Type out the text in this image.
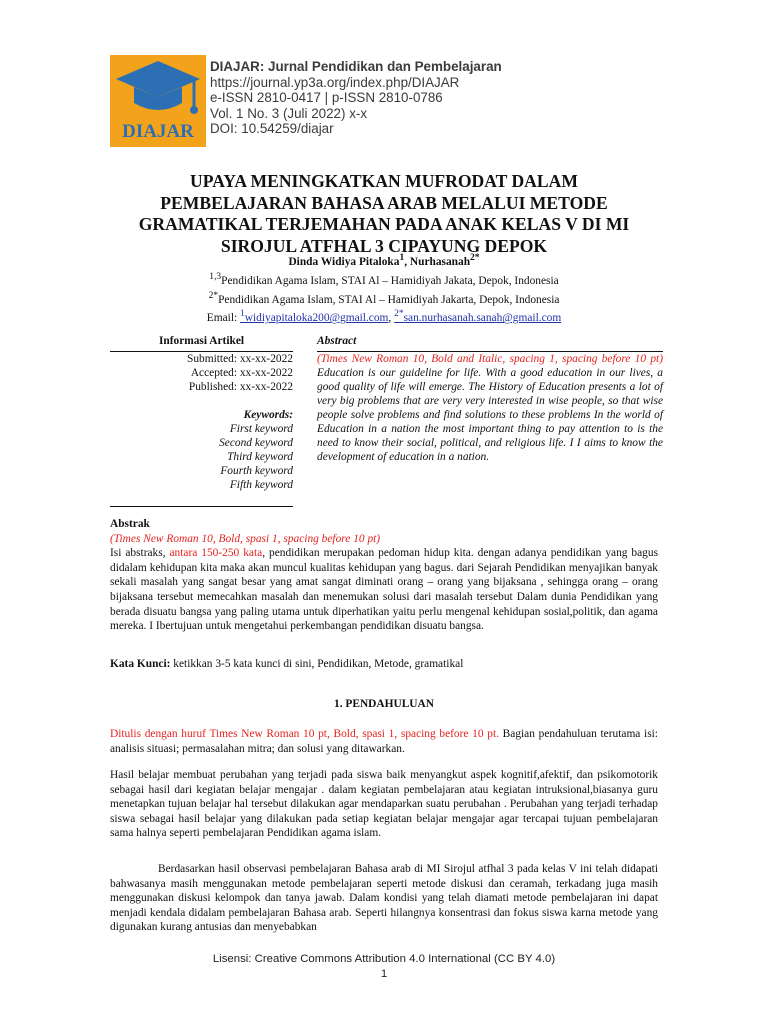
DIAJAR
DIAJAR: Jurnal Pendidikan dan Pembelajaran
https://journal.yp3a.org/index.php/DIAJAR
e-ISSN 2810-0417 | p-ISSN 2810-0786
Vol. 1 No. 3 (Juli 2022) x-x
DOI: 10.54259/diajar
UPAYA MENINGKATKAN MUFRODAT DALAM
PEMBELAJARAN BAHASA ARAB MELALUI METODE
GRAMATIKAL TERJEMAHAN PADA ANAK KELAS V DI MI
SIROJUL ATFHAL 3 CIPAYUNG DEPOK
Dinda Widiya Pitaloka$^1$, Nurhasanah$^{2*}$
$^{1,3}$Pendidikan Agama Islam, STAI Al – Hamidiyah Jakata, Depok, Indonesia
$^{2*}$Pendidikan Agama Islam, STAI Al – Hamidiyah Jakarta, Depok, Indonesia
Email: $^1$widiyapitaloka200@gmail.com, $^{2*}$san.nurhasanah.sanah@gmail.com
Informasi Artikel
Submitted: xx-xx-2022
Accepted: xx-xx-2022
Published: xx-xx-2022
Keywords:
First keyword
Second keyword
Third keyword
Fourth keyword
Fifth keyword
Abstract
(Times New Roman 10, Bold and Italic, spacing 1, spacing before 10 pt) Education is our guideline for life. With a good education in our lives, a good quality of life will emerge. The History of Education presents a lot of very big problems that are very very interested in wise people, so that wise people solve problems and find solutions to these problems In the world of Education in a nation the most important thing to pay attention to is the need to know their social, political, and religious life. I I aims to know the development of education in a nation.
Abstrak
(Times New Roman 10, Bold, spasi 1, spacing before 10 pt)
Isi abstraks, antara 150-250 kata, pendidikan merupakan pedoman hidup kita. dengan adanya pendidikan yang bagus didalam kehidupan kita maka akan muncul kualitas kehidupan yang bagus. dari Sejarah Pendidikan menyajikan banyak sekali masalah yang sangat besar yang amat sangat diminati orang – orang yang bijaksana , sehingga orang – orang bijaksana tersebut memecahkan masalah dan menemukan solusi dari masalah tersebut Dalam dunia Pendidikan yang berada disuatu bangsa yang paling utama untuk diperhatikan yaitu perlu mengenal kehidupan sosial,politik, dan agama mereka. I Ibertujuan untuk mengetahui perkembangan pendidikan disuatu bangsa.
Kata Kunci: ketikkan 3-5 kata kunci di sini, Pendidikan, Metode, gramatikal
1. PENDAHULUAN
Ditulis dengan huruf Times New Roman 10 pt, Bold, spasi 1, spacing before 10 pt. Bagian pendahuluan terutama isi: analisis situasi; permasalahan mitra; dan solusi yang ditawarkan.
Hasil belajar membuat perubahan yang terjadi pada siswa baik menyangkut aspek kognitif,afektif, dan psikomotorik sebagai hasil dari kegiatan belajar mengajar . dalam kegiatan pembelajaran atau kegiatan intruksional,biasanya guru menetapkan tujuan belajar hal tersebut dilakukan agar mendaparkan suatu perubahan . Perubahan yang terjadi terhadap siswa sebagai hasil belajar yang dilakukan pada setiap kegiatan belajar mengajar agar tercapai tujuan pembelajaran sama halnya seperti pembelajaran Pendidikan agama islam.
Berdasarkan hasil observasi pembelajaran Bahasa arab di MI Sirojul atfhal 3 pada kelas V ini telah didapati bahwasanya masih menggunakan metode pembelajaran seperti metode diskusi dan ceramah, terkadang juga masih menggunakan diskusi kelompok dan tanya jawab. Dalam kondisi yang telah diamati metode pembelajaran ini dapat menjadi kendala didalam pembelajaran Bahasa arab. Seperti hilangnya konsentrasi dan fokus siswa karna metode yang digunakan kurang antusias dan menyebabkan
Lisensi: Creative Commons Attribution 4.0 International (CC BY 4.0)
1
